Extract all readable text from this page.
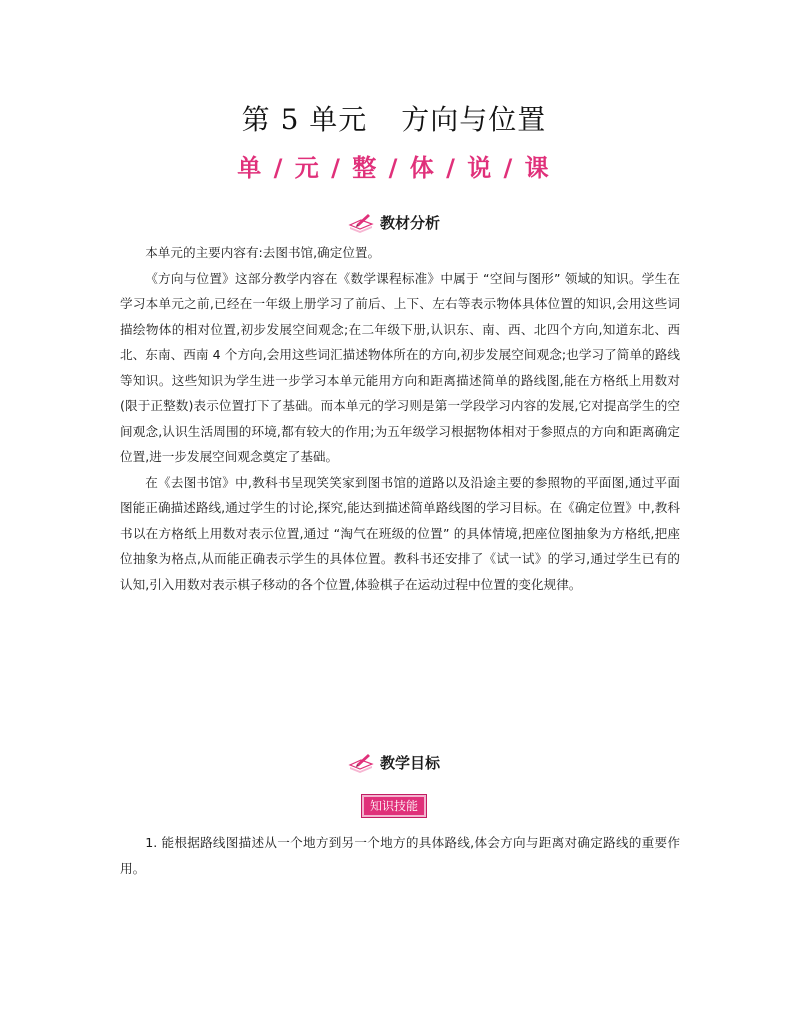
第 5 单元 方向与位置
单 / 元 / 整 / 体 / 说 / 课
教材分析

本单元的主要内容有:去图书馆,确定位置。

《方向与位置》这部分教学内容在《数学课程标准》中属于 “空间与图形” 领域的知识。学生在学习本单元之前,已经在一年级上册学习了前后、上下、左右等表示物体具体位置的知识,会用这些词描绘物体的相对位置,初步发展空间观念;在二年级下册,认识东、南、西、北四个方向,知道东北、西北、东南、西南 4 个方向,会用这些词汇描述物体所在的方向,初步发展空间观念;也学习了简单的路线等知识。这些知识为学生进一步学习本单元能用方向和距离描述简单的路线图,能在方格纸上用数对(限于正整数)表示位置打下了基础。而本单元的学习则是第一学段学习内容的发展,它对提高学生的空间观念,认识生活周围的环境,都有较大的作用;为五年级学习根据物体相对于参照点的方向和距离确定位置,进一步发展空间观念奠定了基础。

在《去图书馆》中,教科书呈现笑笑家到图书馆的道路以及沿途主要的参照物的平面图,通过平面图能正确描述路线,通过学生的讨论,探究,能达到描述简单路线图的学习目标。在《确定位置》中,教科书以在方格纸上用数对表示位置,通过 “淘气在班级的位置” 的具体情境,把座位图抽象为方格纸,把座位抽象为格点,从而能正确表示学生的具体位置。教科书还安排了《试一试》的学习,通过学生已有的认知,引入用数对表示棋子移动的各个位置,体验棋子在运动过程中位置的变化规律。

教学目标
知识技能

1. 能根据路线图描述从一个地方到另一个地方的具体路线,体会方向与距离对确定路线的重要作用。
